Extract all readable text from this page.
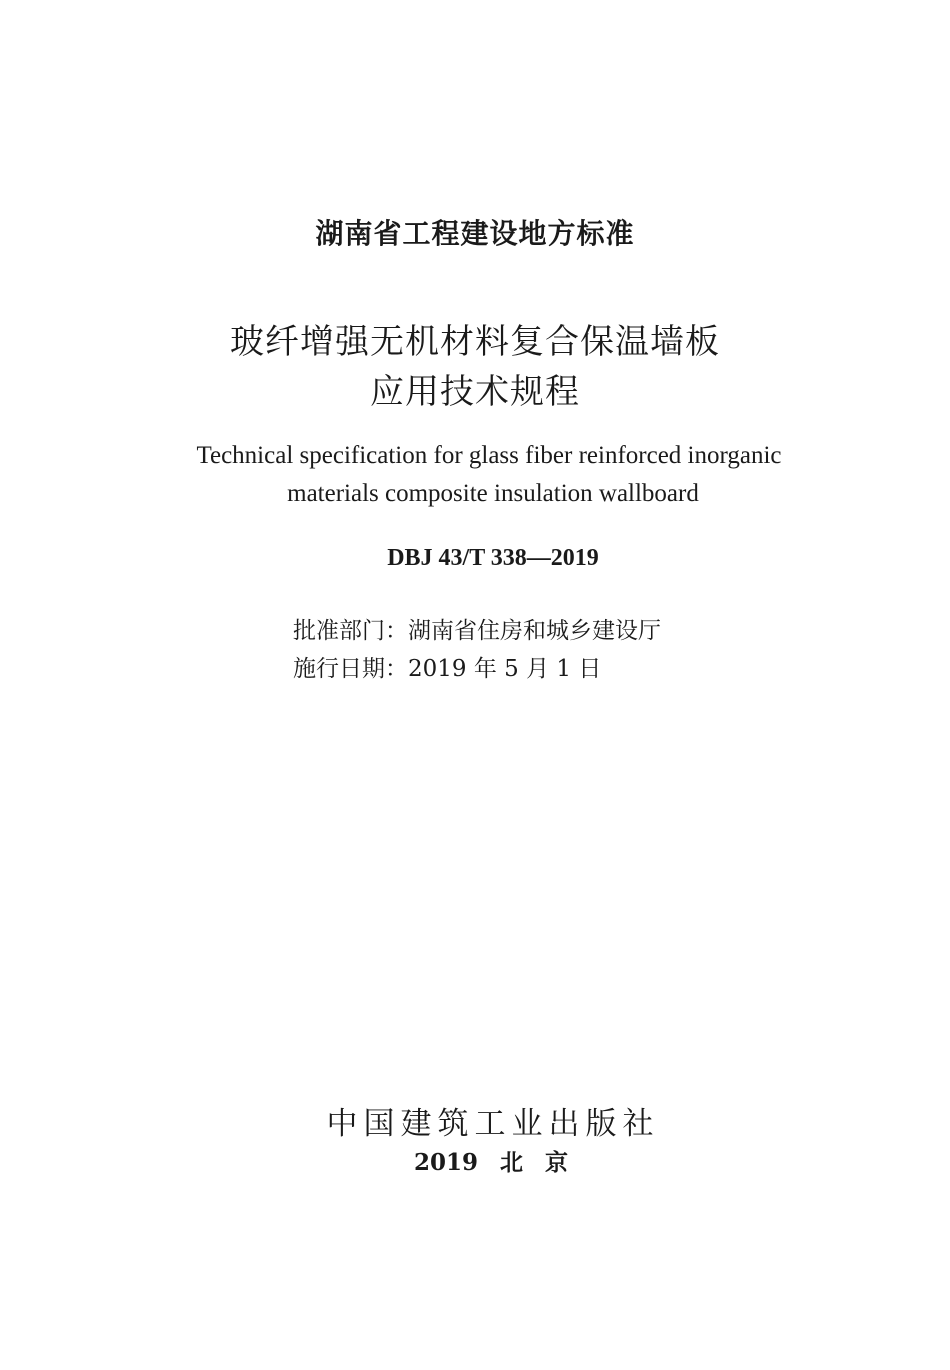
湖南省工程建设地方标准
玻纤增强无机材料复合保温墙板
应用技术规程
Technical specification for glass fiber reinforced inorganic
materials composite insulation wallboard
DBJ 43/T 338—2019
批准部门：湖南省住房和城乡建设厅
施行日期：2019 年 5 月 1 日
中国建筑工业出版社
2019 北 京
